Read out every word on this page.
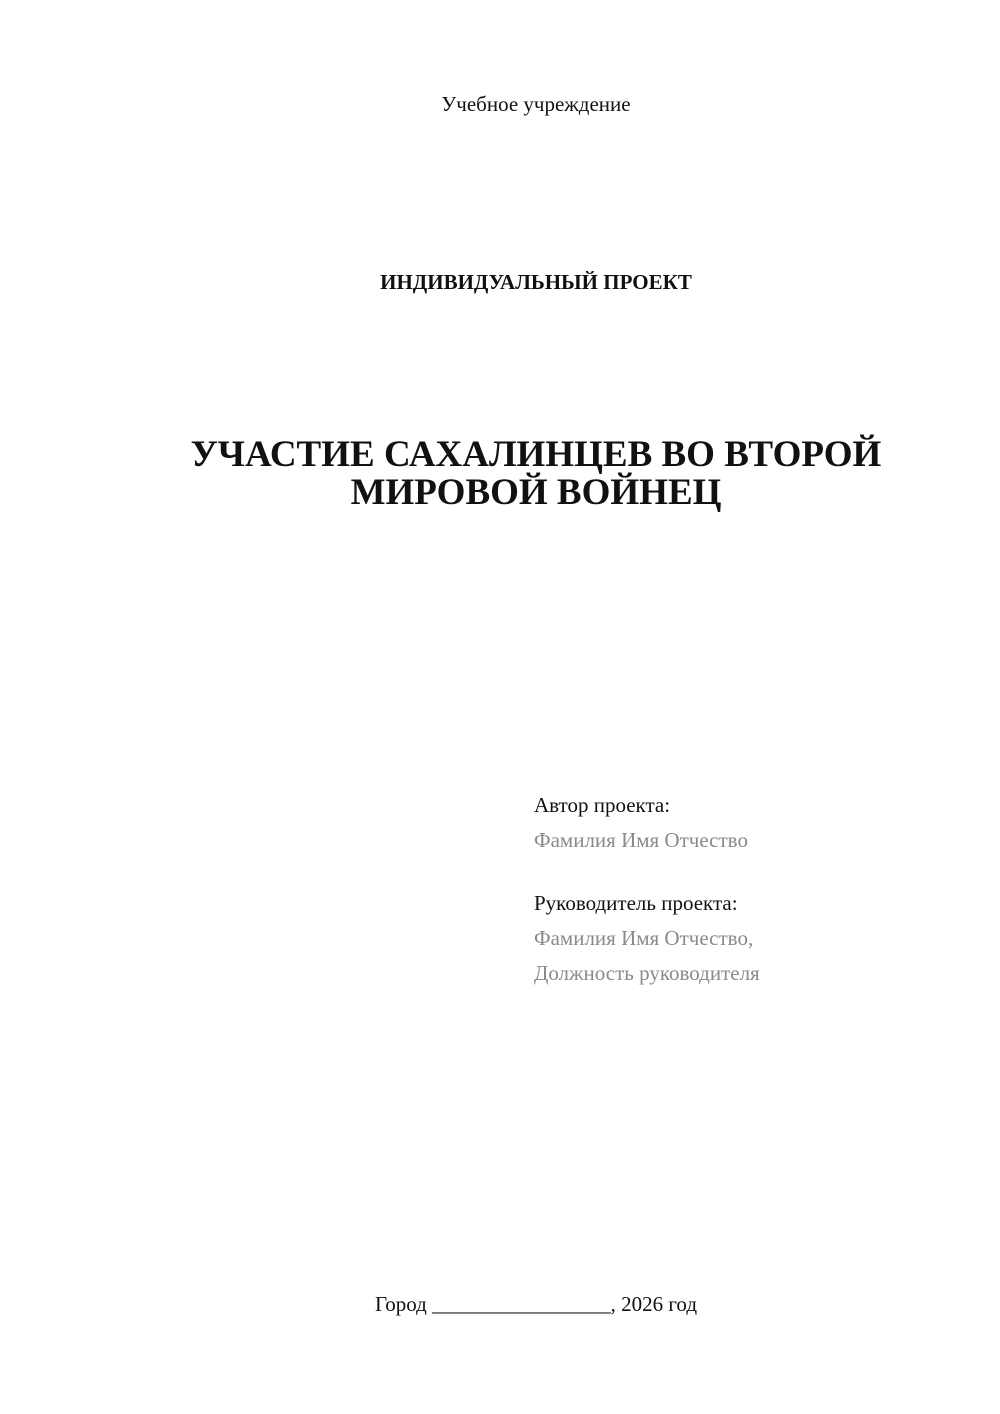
Учебное учреждение
ИНДИВИДУАЛЬНЫЙ ПРОЕКТ
УЧАСТИЕ САХАЛИНЦЕВ ВО ВТОРОЙ
МИРОВОЙ ВОЙНЕЦ
Автор проекта:
Фамилия Имя Отчество
Руководитель проекта:
Фамилия Имя Отчество,
Должность руководителя
Город _________________, 2026 год
